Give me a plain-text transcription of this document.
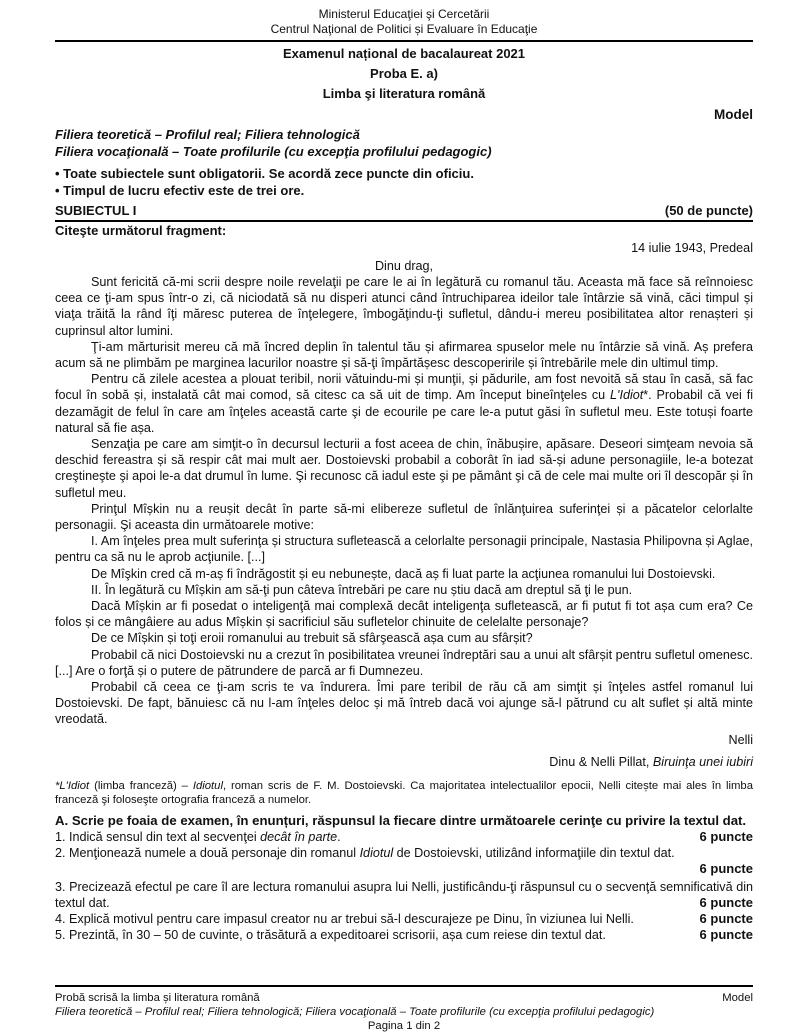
Ministerul Educaţiei şi Cercetării
Centrul Naţional de Politici și Evaluare în Educaţie
Examenul național de bacalaureat 2021
Proba E. a)
Limba şi literatura română
Model
Filiera teoretică – Profilul real; Filiera tehnologică
Filiera vocaţională – Toate profilurile (cu excepţia profilului pedagogic)
• Toate subiectele sunt obligatorii. Se acordă zece puncte din oficiu.
• Timpul de lucru efectiv este de trei ore.
SUBIECTUL I	(50 de puncte)
Citeşte următorul fragment:
14 iulie 1943, Predeal
Dinu drag,

Sunt fericită că-mi scrii despre noile revelaţii pe care le ai în legătură cu romanul tău. Aceasta mă face să reînnoiesc ceea ce ţi-am spus într-o zi, că niciodată să nu disperi atunci când întruchiparea ideilor tale întârzie să vină, căci timpul și viaţa trăită la rând îţi măresc puterea de înţelegere, îmbogăţindu-ţi sufletul, dându-i mereu posibilitatea altor renașteri și cuprinsul altor lumini.

Ţi-am mărturisit mereu că mă încred deplin în talentul tău și afirmarea spuselor mele nu întârzie să vină. Aș prefera acum să ne plimbăm pe marginea lacurilor noastre și să-ţi împărtășesc descoperirile și întrebările mele din ultimul timp.

Pentru că zilele acestea a plouat teribil, norii vătuindu-mi și munţii, și pădurile, am fost nevoită să stau în casă, să fac focul în sobă și, instalată cât mai comod, să citesc ca să uit de timp. Am început bineînţeles cu L'Idiot*. Probabil că vei fi dezamăgit de felul în care am înţeles această carte şi de ecourile pe care le-a putut găsi în sufletul meu. Este totuși foarte natural să fie așa.

Senzaţia pe care am simţit-o în decursul lecturii a fost aceea de chin, înăbușire, apăsare. Deseori simţeam nevoia să deschid fereastra și să respir cât mai mult aer. Dostoievski probabil a coborât în iad să-și adune personagiile, le-a botezat creştineşte şi apoi le-a dat drumul în lume. Şi recunosc că iadul este şi pe pământ şi că de cele mai multe ori îl descopăr și în sufletul meu.

Prinţul Mîșkin nu a reușit decât în parte să-mi elibereze sufletul de înlănţuirea suferinţei și a păcatelor celorlalte personagii. Şi aceasta din următoarele motive:

I. Am înţeles prea mult suferinţa și structura sufletească a celorlalte personagii principale, Nastasia Philipovna și Aglae, pentru ca să nu le aprob acţiunile. [...]

De Mîşkin cred că m-aș fi îndrăgostit și eu nebunește, dacă aș fi luat parte la acţiunea romanului lui Dostoievski.

II. În legătură cu Mîșkin am să-ţi pun câteva întrebări pe care nu știu dacă am dreptul să ţi le pun.

Dacă Mîșkin ar fi posedat o inteligenţă mai complexă decât inteligenţa sufletească, ar fi putut fi tot așa cum era? Ce folos și ce mângâiere au adus Mîșkin și sacrificiul său sufletelor chinuite de celelalte personaje?

De ce Mîșkin și toţi eroii romanului au trebuit să sfârşească așa cum au sfârșit?

Probabil că nici Dostoievski nu a crezut în posibilitatea vreunei îndreptări sau a unui alt sfârșit pentru sufletul omenesc. [...] Are o forţă și o putere de pătrundere de parcă ar fi Dumnezeu.

Probabil că ceea ce ţi-am scris te va îndurera. Îmi pare teribil de rău că am simţit și înţeles astfel romanul lui Dostoievski. De fapt, bănuiesc că nu l-am înţeles deloc și mă întreb dacă voi ajunge să-l pătrund cu alt suflet și altă minte vreodată.

Nelli
Dinu & Nelli Pillat, Biruinţa unei iubiri
*L'Idiot (limba franceză) – Idiotul, roman scris de F. M. Dostoievski. Ca majoritatea intelectualilor epocii, Nelli citește mai ales în limba franceză şi foloseşte ortografia franceză a numelor.
A. Scrie pe foaia de examen, în enunțuri, răspunsul la fiecare dintre următoarele cerinţe cu privire la textul dat.
1. Indică sensul din text al secvenţei decât în parte.	6 puncte
2. Menţionează numele a două personaje din romanul Idiotul de Dostoievski, utilizând informaţiile din textul dat.
6 puncte
3. Precizează efectul pe care îl are lectura romanului asupra lui Nelli, justificându-ţi răspunsul cu o secvenţă semnificativă din textul dat.	6 puncte
4. Explică motivul pentru care impasul creator nu ar trebui să-l descurajeze pe Dinu, în viziunea lui Nelli.	6 puncte
5. Prezintă, în 30 – 50 de cuvinte, o trăsătură a expeditoarei scrisorii, așa cum reiese din textul dat.	6 puncte
Probă scrisă la limba și literatura română	Model
Filiera teoretică – Profilul real; Filiera tehnologică; Filiera vocaţională – Toate profilurile (cu excepţia profilului pedagogic)
Pagina 1 din 2
